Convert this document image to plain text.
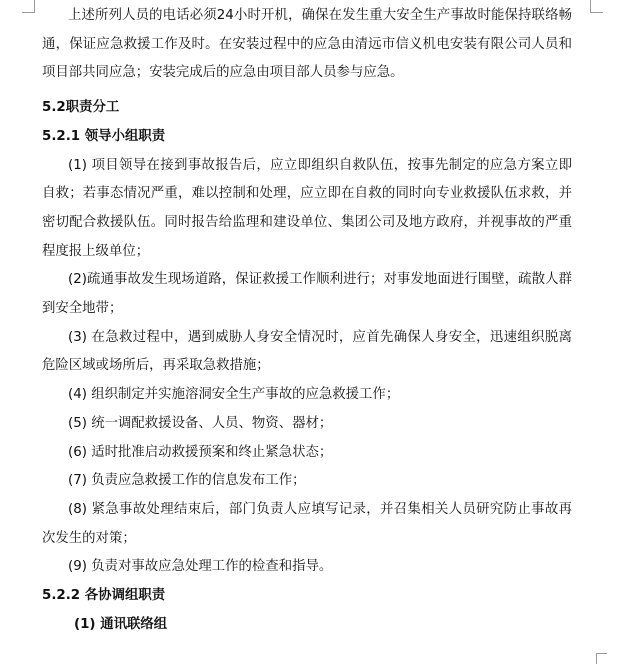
上述所列人员的电话必须24小时开机，确保在发生重大安全生产事故时能保持联络畅通，保证应急救援工作及时。在安装过程中的应急由清远市信义机电安装有限公司人员和项目部共同应急；安装完成后的应急由项目部人员参与应急。

5.2职责分工

5.2.1 领导小组职责

(1) 项目领导在接到事故报告后，应立即组织自救队伍，按事先制定的应急方案立即自救；若事态情况严重，难以控制和处理，应立即在自救的同时向专业救援队伍求救，并密切配合救援队伍。同时报告给监理和建设单位、集团公司及地方政府，并视事故的严重程度报上级单位；

(2)疏通事故发生现场道路，保证救援工作顺利进行；对事发地面进行围壁，疏散人群到安全地带；

(3) 在急救过程中，遇到威胁人身安全情况时，应首先确保人身安全，迅速组织脱离危险区域或场所后，再采取急救措施；

(4) 组织制定并实施溶洞安全生产事故的应急救援工作；

(5) 统一调配救援设备、人员、物资、器材；

(6) 适时批准启动救援预案和终止紧急状态；

(7) 负责应急救援工作的信息发布工作；

(8) 紧急事故处理结束后，部门负责人应填写记录，并召集相关人员研究防止事故再次发生的对策；

(9) 负责对事故应急处理工作的检查和指导。

5.2.2 各协调组职责

(1) 通讯联络组
